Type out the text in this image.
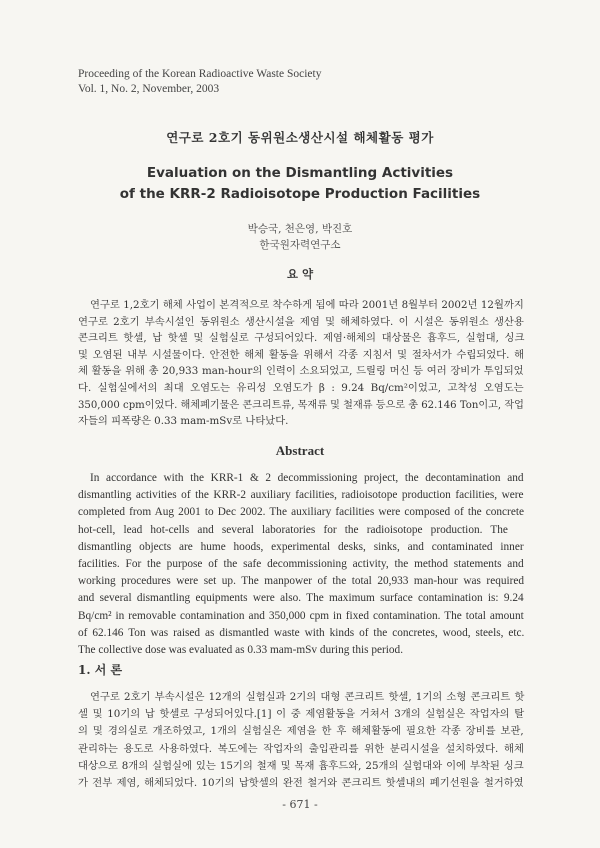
Proceeding of the Korean Radioactive Waste Society
Vol. 1, No. 2, November, 2003
연구로 2호기 동위원소생산시설 해체활동 평가
Evaluation on the Dismantling Activities
of the KRR-2 Radioisotope Production Facilities
박승국, 천은영, 박진호
한국원자력연구소
요 약
연구로 1,2호기 해체 사업이 본격적으로 착수하게 됨에 따라 2001년 8월부터 2002년 12월까지
연구로 2호기 부속시설인 동위원소 생산시설을 제염 및 해체하였다. 이 시설은 동위원소 생산용
콘크리트 핫셀, 납 핫셀 및 실험실로 구성되어있다. 제염·해체의 대상물은 흄후드, 실험대, 싱크
및 오염된 내부 시설물이다. 안전한 해체 활동을 위해서 각종 지침서 및 절차서가 수립되었다. 해
체 활동을 위해 총 20,933 man-hour의 인력이 소요되었고, 드릴링 머신 등 여러 장비가 투입되었
다. 실험실에서의 최대 오염도는 유리성 오염도가 β : 9.24 Bq/cm²이었고, 고착성 오염도는
350,000 cpm이었다. 해체폐기물은 콘크리트류, 목재류 및 철재류 등으로 총 62.146 Ton이고, 작업
자들의 피폭량은 0.33 mam-mSv로 나타났다.
Abstract
In accordance with the KRR-1 & 2 decommissioning project, the decontamination and
dismantling activities of the KRR-2 auxiliary facilities, radioisotope production facilities, were
completed from Aug 2001 to Dec 2002. The auxiliary facilities were composed of the concrete
hot-cell, lead hot-cells and several laboratories for the radioisotope production. The
dismantling objects are hume hoods, experimental desks, sinks, and contaminated inner
facilities. For the purpose of the safe decommissioning activity, the method statements and
working procedures were set up. The manpower of the total 20,933 man-hour was required
and several dismantling equipments were also. The maximum surface contamination is: 9.24
Bq/cm² in removable contamination and 350,000 cpm in fixed contamination. The total amount
of 62.146 Ton was raised as dismantled waste with kinds of the concretes, wood, steels, etc.
The collective dose was evaluated as 0.33 mam-mSv during this period.
1. 서 론
연구로 2호기 부속시설은 12개의 실험실과 2기의 대형 콘크리트 핫셀, 1기의 소형 콘크리트 핫
셀 및 10기의 납 핫셀로 구성되어있다.[1] 이 중 제염활동을 거쳐서 3개의 실험실은 작업자의 탈
의 및 경의실로 개조하였고, 1개의 실험실은 제염을 한 후 해체활동에 필요한 각종 장비를 보관,
관리하는 용도로 사용하였다. 복도에는 작업자의 출입관리를 위한 분리시설을 설치하였다. 해체
대상으로 8개의 실험실에 있는 15기의 철재 및 목재 흄후드와, 25개의 실험대와 이에 부착된 싱크
가 전부 제염, 해체되었다. 10기의 납핫셀의 완전 철거와 콘크리트 핫셀내의 폐기선원을 철거하였
- 671 -
